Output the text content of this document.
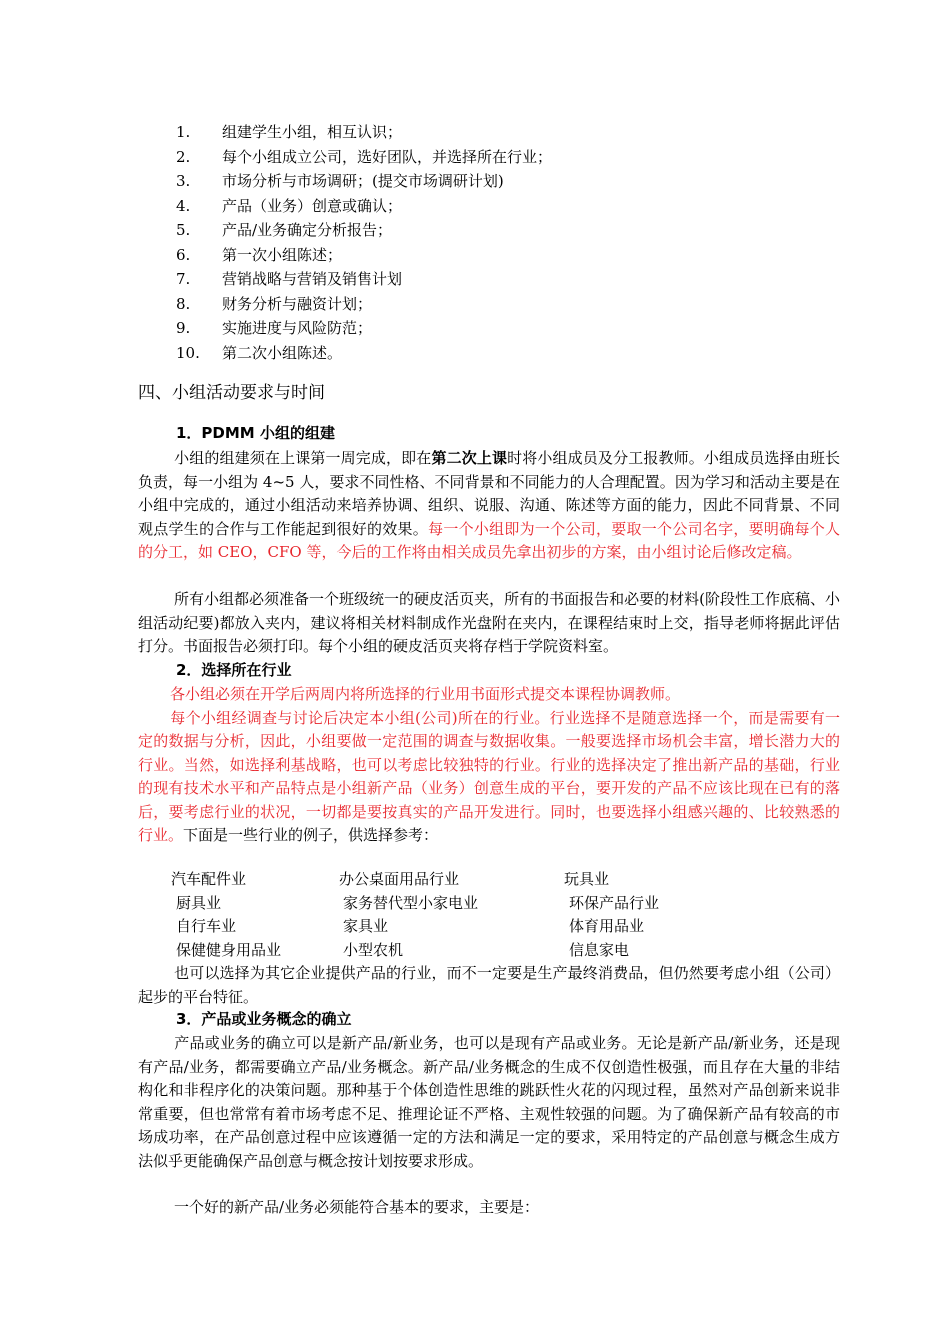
1. 组建学生小组，相互认识；
2. 每个小组成立公司，选好团队，并选择所在行业；
3. 市场分析与市场调研；(提交市场调研计划)
4. 产品（业务）创意或确认；
5. 产品/业务确定分析报告；
6. 第一次小组陈述；
7. 营销战略与营销及销售计划
8. 财务分析与融资计划；
9. 实施进度与风险防范；
10. 第二次小组陈述。
四、小组活动要求与时间
1．PDMM 小组的组建
小组的组建须在上课第一周完成，即在第二次上课时将小组成员及分工报教师。小组成员选择由班长负责，每一小组为 4~5 人，要求不同性格、不同背景和不同能力的人合理配置。因为学习和活动主要是在小组中完成的，通过小组活动来培养协调、组织、说服、沟通、陈述等方面的能力，因此不同背景、不同观点学生的合作与工作能起到很好的效果。每一个小组即为一个公司，要取一个公司名字，要明确每个人的分工，如 CEO，CFO 等，今后的工作将由相关成员先拿出初步的方案，由小组讨论后修改定稿。
所有小组都必须准备一个班级统一的硬皮活页夹，所有的书面报告和必要的材料(阶段性工作底稿、小组活动纪要)都放入夹内，建议将相关材料制成作光盘附在夹内，在课程结束时上交，指导老师将据此评估打分。书面报告必须打印。每个小组的硬皮活页夹将存档于学院资料室。
2．选择所在行业
各小组必须在开学后两周内将所选择的行业用书面形式提交本课程协调教师。
每个小组经调查与讨论后决定本小组(公司)所在的行业。行业选择不是随意选择一个，而是需要有一定的数据与分析，因此，小组要做一定范围的调查与数据收集。一般要选择市场机会丰富，增长潜力大的行业。当然，如选择利基战略，也可以考虑比较独特的行业。行业的选择决定了推出新产品的基础，行业的现有技术水平和产品特点是小组新产品（业务）创意生成的平台，要开发的产品不应该比现在已有的落后，要考虑行业的状况，一切都是要按真实的产品开发进行。同时，也要选择小组感兴趣的、比较熟悉的行业。下面是一些行业的例子，供选择参考：
汽车配件业	办公桌面用品行业	玩具业
厨具业	家务替代型小家电业	环保产品行业
自行车业	家具业	体育用品业
保健健身用品业	小型农机	信息家电
也可以选择为其它企业提供产品的行业，而不一定要是生产最终消费品，但仍然要考虑小组（公司）起步的平台特征。
3．产品或业务概念的确立
产品或业务的确立可以是新产品/新业务，也可以是现有产品或业务。无论是新产品/新业务，还是现有产品/业务，都需要确立产品/业务概念。新产品/业务概念的生成不仅创造性极强，而且存在大量的非结构化和非程序化的决策问题。那种基于个体创造性思维的跳跃性火花的闪现过程，虽然对产品创新来说非常重要，但也常常有着市场考虑不足、推理论证不严格、主观性较强的问题。为了确保新产品有较高的市场成功率，在产品创意过程中应该遵循一定的方法和满足一定的要求，采用特定的产品创意与概念生成方法似乎更能确保产品创意与概念按计划按要求形成。
一个好的新产品/业务必须能符合基本的要求，主要是：
